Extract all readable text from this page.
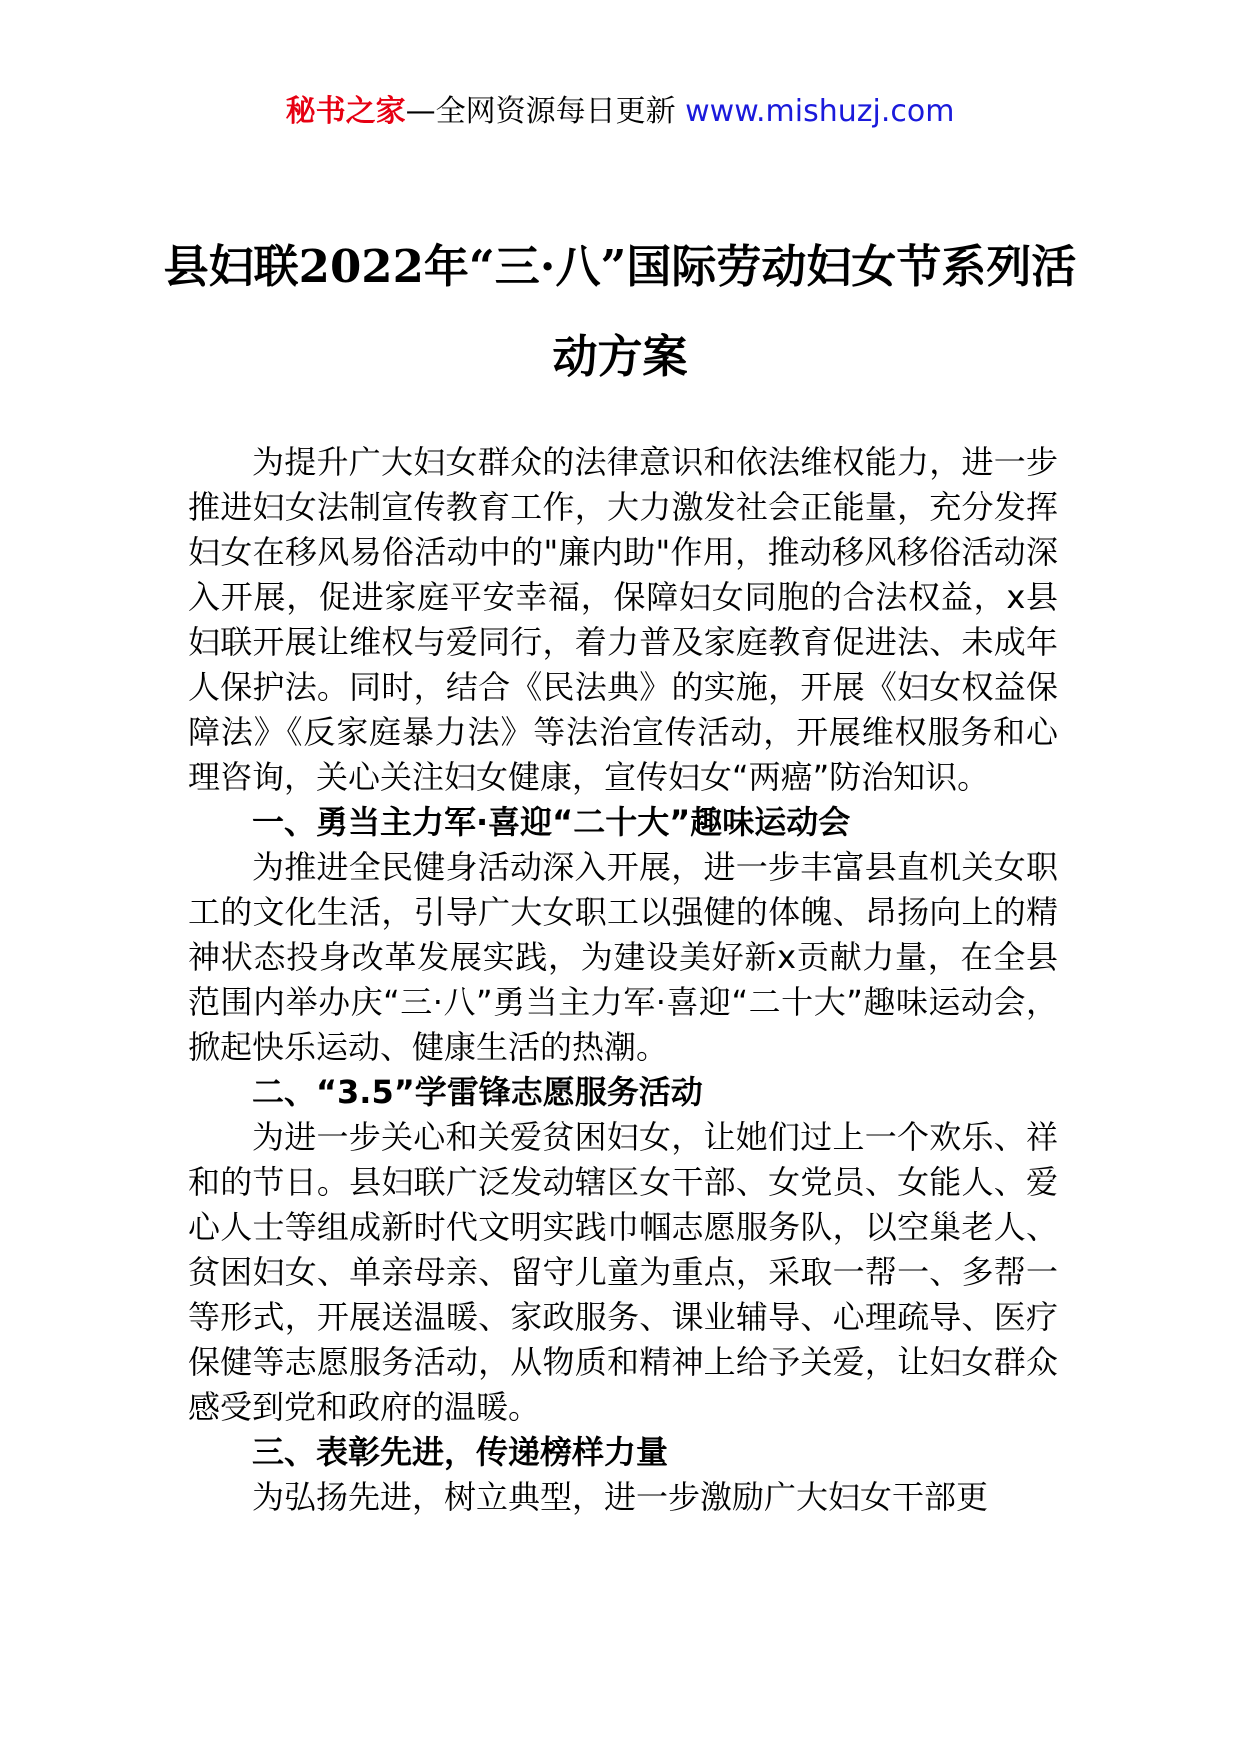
秘书之家—全网资源每日更新 www.mishuzj.com
县妇联2022年“三·八”国际劳动妇女节系列活动方案

为提升广大妇女群众的法律意识和依法维权能力，进一步推进妇女法制宣传教育工作，大力激发社会正能量，充分发挥妇女在移风易俗活动中的"廉内助"作用，推动移风移俗活动深入开展，促进家庭平安幸福，保障妇女同胞的合法权益，x县妇联开展让维权与爱同行，着力普及家庭教育促进法、未成年人保护法。同时，结合《民法典》的实施，开展《妇女权益保障法》《反家庭暴力法》等法治宣传活动，开展维权服务和心理咨询，关心关注妇女健康，宣传妇女“两癌”防治知识。

一、勇当主力军·喜迎“二十大”趣味运动会

为推进全民健身活动深入开展，进一步丰富县直机关女职工的文化生活，引导广大女职工以强健的体魄、昂扬向上的精神状态投身改革发展实践，为建设美好新x贡献力量，在全县范围内举办庆“三·八”勇当主力军·喜迎“二十大”趣味运动会，掀起快乐运动、健康生活的热潮。

二、“3.5”学雷锋志愿服务活动

为进一步关心和关爱贫困妇女，让她们过上一个欢乐、祥和的节日。县妇联广泛发动辖区女干部、女党员、女能人、爱心人士等组成新时代文明实践巾帼志愿服务队，以空巢老人、贫困妇女、单亲母亲、留守儿童为重点，采取一帮一、多帮一等形式，开展送温暖、家政服务、课业辅导、心理疏导、医疗保健等志愿服务活动，从物质和精神上给予关爱，让妇女群众感受到党和政府的温暖。

三、表彰先进，传递榜样力量

为弘扬先进，树立典型，进一步激励广大妇女干部更
